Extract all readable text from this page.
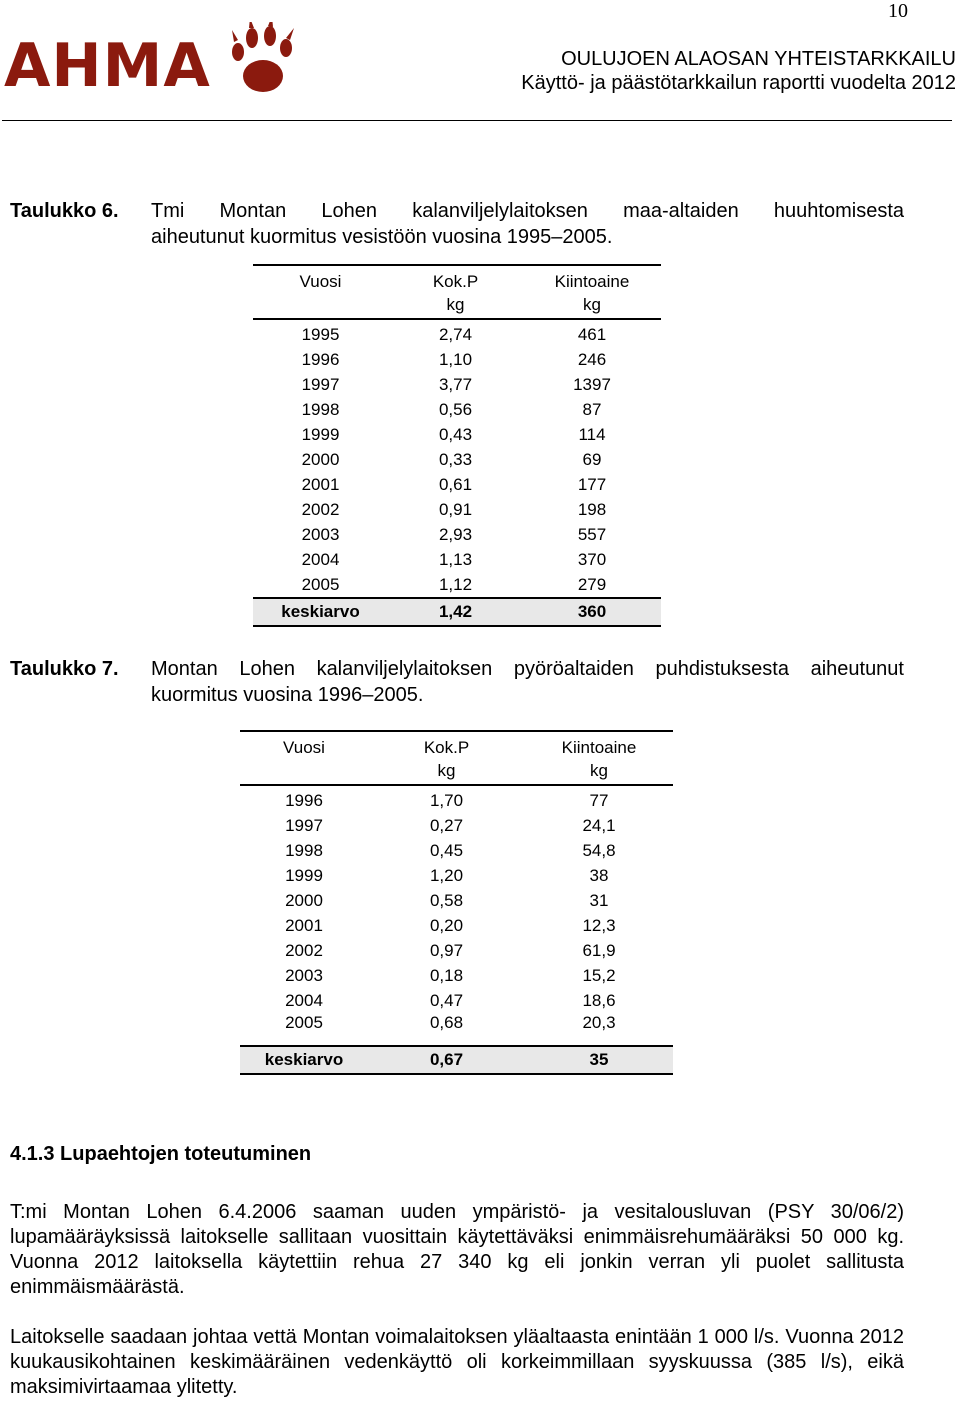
10
AHMA	OULUJOEN ALAOSAN YHTEISTARKKAILU
Käyttö- ja päästötarkkailun raportti vuodelta 2012
Taulukko 6. Tmi Montan Lohen kalanviljelylaitoksen maa-altaiden huuhtomisesta
aiheutunut kuormitus vesistöön vuosina 1995–2005.
Vuosi	Kok.P	Kiintoaine
	kg	kg
1995	2,74	461
1996	1,10	246
1997	3,77	1397
1998	0,56	87
1999	0,43	114
2000	0,33	69
2001	0,61	177
2002	0,91	198
2003	2,93	557
2004	1,13	370
2005	1,12	279
keskiarvo	1,42	360
Taulukko 7. Montan Lohen kalanviljelylaitoksen pyöröaltaiden puhdistuksesta aiheutunut
kuormitus vuosina 1996–2005.
Vuosi	Kok.P	Kiintoaine
	kg	kg
1996	1,70	77
1997	0,27	24,1
1998	0,45	54,8
1999	1,20	38
2000	0,58	31
2001	0,20	12,3
2002	0,97	61,9
2003	0,18	15,2
2004	0,47	18,6
2005	0,68	20,3
keskiarvo	0,67	35
4.1.3 Lupaehtojen toteutuminen
T:mi Montan Lohen 6.4.2006 saaman uuden ympäristö- ja vesitalousluvan (PSY 30/06/2) lupamääräyksissä laitokselle sallitaan vuosittain käytettäväksi enimmäisrehumääräksi 50 000 kg. Vuonna 2012 laitoksella käytettiin rehua 27 340 kg eli jonkin verran yli puolet sallitusta enimmäismäärästä.
Laitokselle saadaan johtaa vettä Montan voimalaitoksen yläaltaasta enintään 1 000 l/s. Vuonna 2012 kuukausikohtainen keskimääräinen vedenkäyttö oli korkeimmillaan syyskuussa (385 l/s), eikä maksimivirtaamaa ylitetty.
